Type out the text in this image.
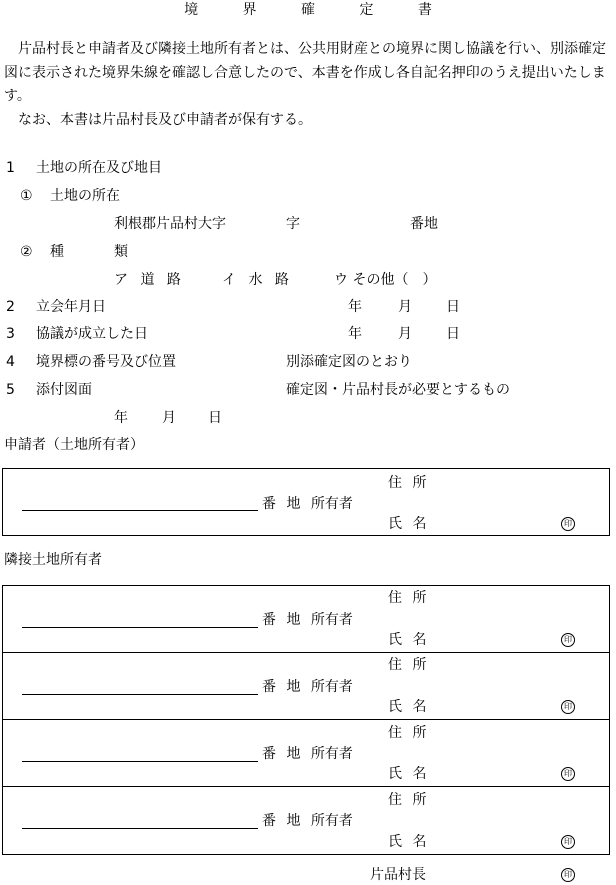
境	界	確	定	書

片品村長と申請者及び隣接土地所有者とは、公共用財産との境界に関し協議を行い、別添確定図に表示された境界朱線を確認し合意したので、本書を作成し各自記名押印のうえ提出いたします。

なお、本書は片品村長及び申請者が保有する。

1 土地の所在及び地目
① 土地の所在
利根郡片品村大字	字	番地
② 種	類
ア 道 路	イ 水 路	ウ その他（　）
2 立会年月日	年	月 日
3 協議が成立した日	年	月 日
4 境界標の番号及び位置	別添確定図のとおり
5 添付図面	確定図・片品村長が必要とするもの
年 月 日
申請者（土地所有者）
住 所
番 地 所有者
氏 名	印
隣接土地所有者
住 所
番 地 所有者
氏 名	印
住 所
番 地 所有者
氏 名	印
住 所
番 地 所有者
氏 名	印
住 所
番 地 所有者
氏 名	印
片品村長	印
